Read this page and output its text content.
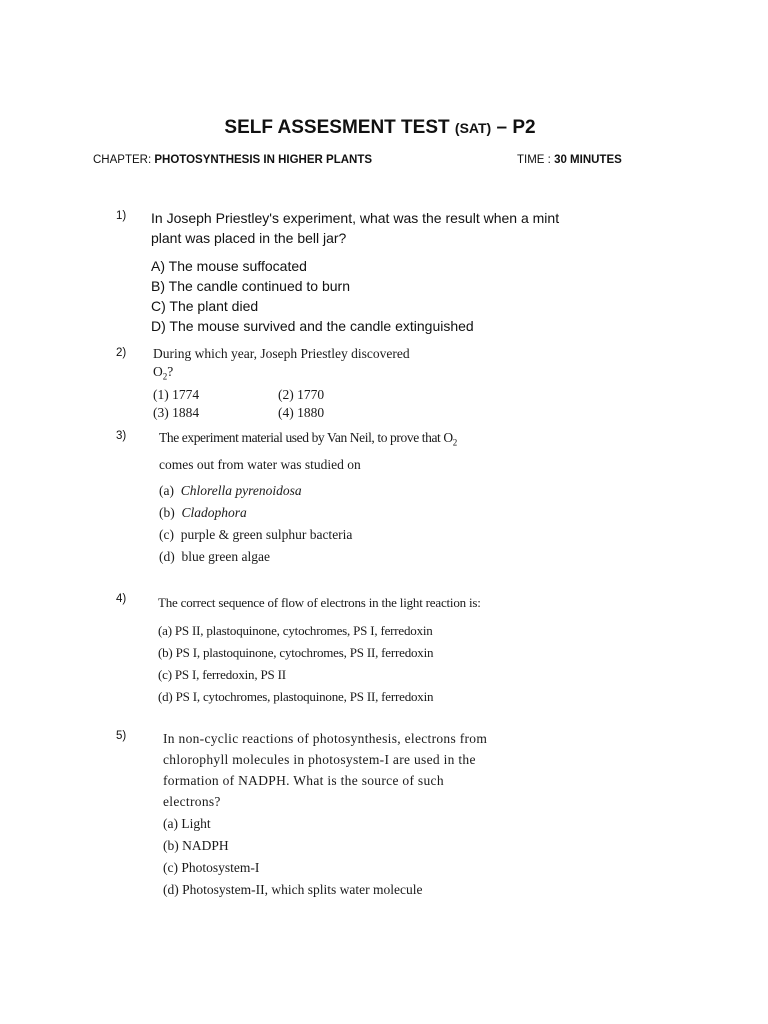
SELF ASSESMENT TEST (SAT) – P2
CHAPTER: PHOTOSYNTHESIS IN HIGHER PLANTS	TIME : 30 MINUTES
1) In Joseph Priestley's experiment, what was the result when a mint
plant was placed in the bell jar?
A) The mouse suffocated
B) The candle continued to burn
C) The plant died
D) The mouse survived and the candle extinguished
2) During which year, Joseph Priestley discovered
$O_2$?
(1) 1774	(2) 1770
(3) 1884	(4) 1880
3) The experiment material used by Van Neil, to prove that $O_2$
comes out from water was studied on
(a) Chlorella pyrenoidosa
(b) Cladophora
(c) purple & green sulphur bacteria
(d) blue green algae
4) The correct sequence of flow of electrons in the light reaction is:
(a) PS II, plastoquinone, cytochromes, PS I, ferredoxin
(b) PS I, plastoquinone, cytochromes, PS II, ferredoxin
(c) PS I, ferredoxin, PS II
(d) PS I, cytochromes, plastoquinone, PS II, ferredoxin
5)	In non-cyclic reactions of photosynthesis, electrons from
chlorophyll molecules in photosystem-I are used in the
formation of NADPH. What is the source of such
electrons?
(a) Light
(b) NADPH
(c) Photosystem-I
(d) Photosystem-II, which splits water molecule
